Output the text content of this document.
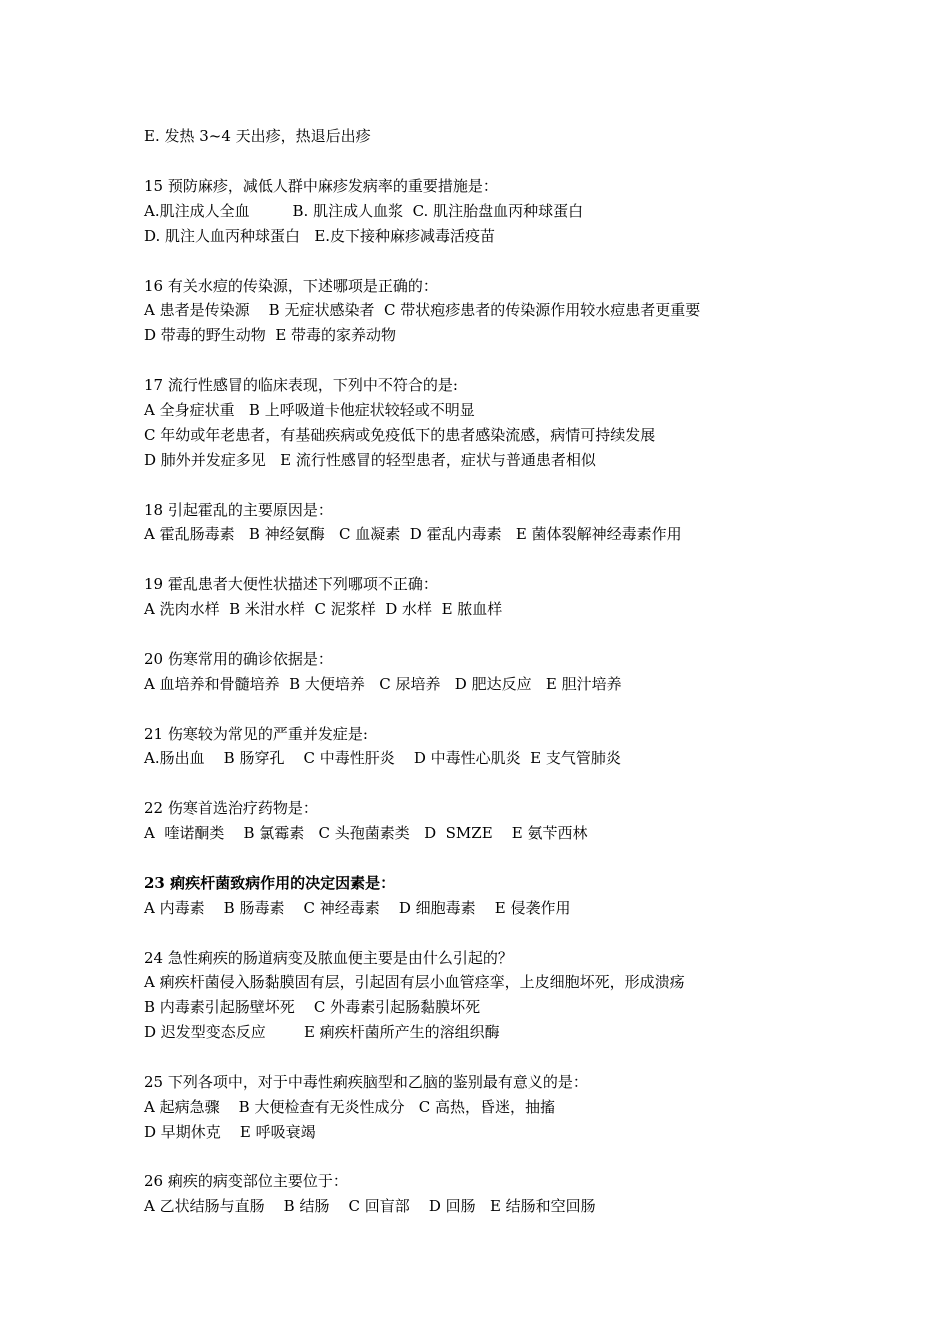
E. 发热 3~4 天出疹，热退后出疹
15 预防麻疹，减低人群中麻疹发病率的重要措施是：
A.肌注成人全血         B. 肌注成人血浆  C. 肌注胎盘血丙种球蛋白
D. 肌注人血丙种球蛋白   E.皮下接种麻疹减毒活疫苗
16 有关水痘的传染源，下述哪项是正确的：
A 患者是传染源    B 无症状感染者  C 带状疱疹患者的传染源作用较水痘患者更重要
D 带毒的野生动物  E 带毒的家养动物
17 流行性感冒的临床表现，下列中不符合的是:
A 全身症状重   B 上呼吸道卡他症状较轻或不明显
C 年幼或年老患者，有基础疾病或免疫低下的患者感染流感，病情可持续发展
D 肺外并发症多见   E 流行性感冒的轻型患者，症状与普通患者相似
18 引起霍乱的主要原因是：
A 霍乱肠毒素   B 神经氨酶   C 血凝素  D 霍乱内毒素   E 菌体裂解神经毒素作用
19 霍乱患者大便性状描述下列哪项不正确：
A 洗肉水样  B 米泔水样  C 泥浆样  D 水样  E 脓血样
20 伤寒常用的确诊依据是：
A 血培养和骨髓培养  B 大便培养   C 尿培养   D 肥达反应   E 胆汁培养
21 伤寒较为常见的严重并发症是:
A.肠出血    B 肠穿孔    C 中毒性肝炎    D 中毒性心肌炎  E 支气管肺炎
22 伤寒首选治疗药物是：
A  喹诺酮类    B 氯霉素   C 头孢菌素类   D  SMZE    E 氨苄西林
23 痢疾杆菌致病作用的决定因素是：
A 内毒素    B 肠毒素    C 神经毒素    D 细胞毒素    E 侵袭作用
24 急性痢疾的肠道病变及脓血便主要是由什么引起的？
A 痢疾杆菌侵入肠黏膜固有层，引起固有层小血管痉挛，上皮细胞坏死，形成溃疡
B 内毒素引起肠壁坏死    C 外毒素引起肠黏膜坏死
D 迟发型变态反应        E 痢疾杆菌所产生的溶组织酶
25 下列各项中，对于中毒性痢疾脑型和乙脑的鉴别最有意义的是：
A 起病急骤    B 大便检查有无炎性成分   C 高热，昏迷，抽搐
D 早期休克    E 呼吸衰竭
26 痢疾的病变部位主要位于：
A 乙状结肠与直肠    B 结肠    C 回盲部    D 回肠   E 结肠和空回肠
